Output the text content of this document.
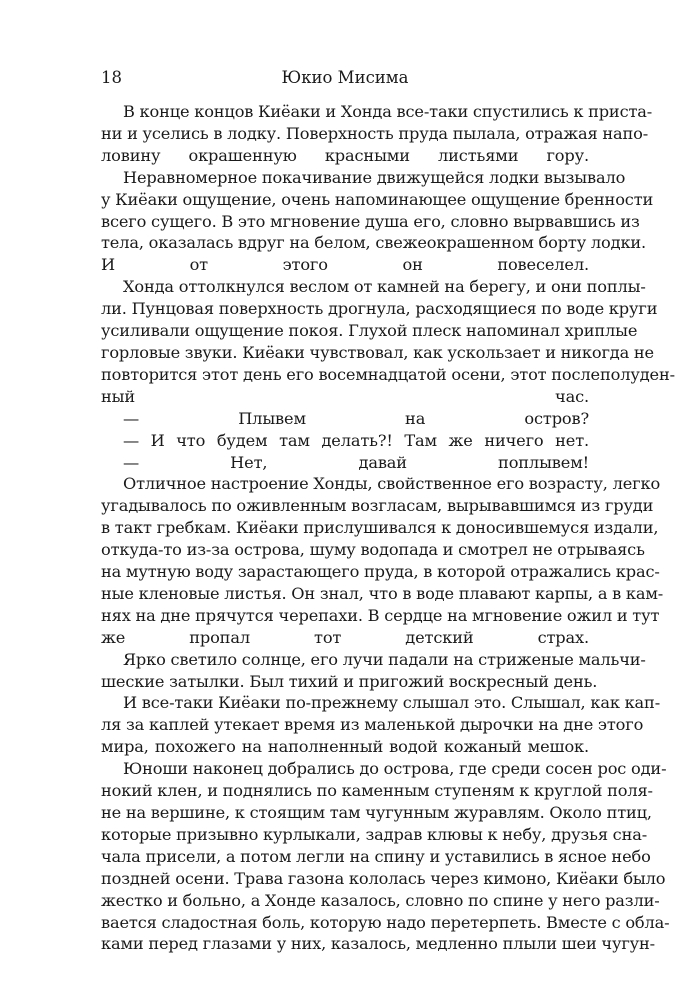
18	Юкио Мисима
В конце концов Киёаки и Хонда все-таки спустились к приста-
ни и уселись в лодку. Поверхность пруда пылала, отражая напо-
ловину окрашенную красными листьями гору.
Неравномерное покачивание движущейся лодки вызывало
у Киёаки ощущение, очень напоминающее ощущение бренности
всего сущего. В это мгновение душа его, словно вырвавшись из
тела, оказалась вдруг на белом, свежеокрашенном борту лодки.
И от этого он повеселел.
Хонда оттолкнулся веслом от камней на берегу, и они поплы-
ли. Пунцовая поверхность дрогнула, расходящиеся по воде круги
усиливали ощущение покоя. Глухой плеск напоминал хриплые
горловые звуки. Киёаки чувствовал, как ускользает и никогда не
повторится этот день его восемнадцатой осени, этот послеполуден-
ный час.
— Плывем на остров?
— И что будем там делать?! Там же ничего нет.
— Нет, давай поплывем!
Отличное настроение Хонды, свойственное его возрасту, легко
угадывалось по оживленным возгласам, вырывавшимся из груди
в такт гребкам. Киёаки прислушивался к доносившемуся издали,
откуда-то из-за острова, шуму водопада и смотрел не отрываясь
на мутную воду зарастающего пруда, в которой отражались крас-
ные кленовые листья. Он знал, что в воде плавают карпы, а в кам-
нях на дне прячутся черепахи. В сердце на мгновение ожил и тут
же пропал тот детский страх.
Ярко светило солнце, его лучи падали на стриженые мальчи-
шеские затылки. Был тихий и пригожий воскресный день.
И все-таки Киёаки по-прежнему слышал это. Слышал, как кап-
ля за каплей утекает время из маленькой дырочки на дне этого
мира, похожего на наполненный водой кожаный мешок.
Юноши наконец добрались до острова, где среди сосен рос оди-
нокий клен, и поднялись по каменным ступеням к круглой поля-
не на вершине, к стоящим там чугунным журавлям. Около птиц,
которые призывно курлыкали, задрав клювы к небу, друзья сна-
чала присели, а потом легли на спину и уставились в ясное небо
поздней осени. Трава газона кололась через кимоно, Киёаки было
жестко и больно, а Хонде казалось, словно по спине у него разли-
вается сладостная боль, которую надо перетерпеть. Вместе с обла-
ками перед глазами у них, казалось, медленно плыли шеи чугун-
